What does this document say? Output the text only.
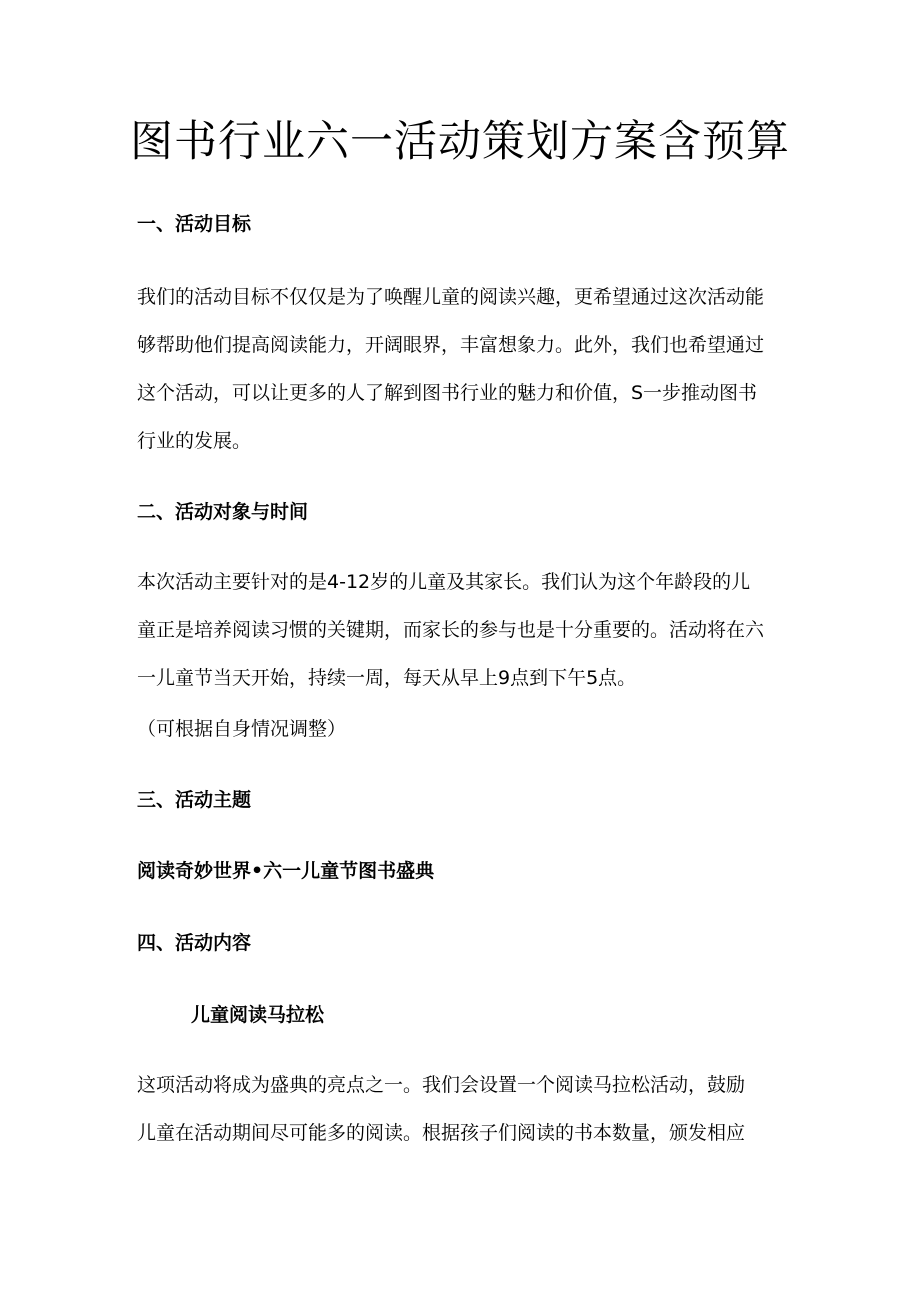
图书行业六一活动策划方案含预算
一、活动目标

我们的活动目标不仅仅是为了唤醒儿童的阅读兴趣，更希望通过这次活动能
够帮助他们提高阅读能力，开阔眼界，丰富想象力。此外，我们也希望通过
这个活动，可以让更多的人了解到图书行业的魅力和价值，S一步推动图书
行业的发展。

二、活动对象与时间

本次活动主要针对的是4-12岁的儿童及其家长。我们认为这个年龄段的儿
童正是培养阅读习惯的关键期，而家长的参与也是十分重要的。活动将在六
一儿童节当天开始，持续一周，每天从早上9点到下午5点。

（可根据自身情况调整）

三、活动主题

阅读奇妙世界•六一儿童节图书盛典

四、活动内容
儿童阅读马拉松

这项活动将成为盛典的亮点之一。我们会设置一个阅读马拉松活动，鼓励
儿童在活动期间尽可能多的阅读。根据孩子们阅读的书本数量，颁发相应
